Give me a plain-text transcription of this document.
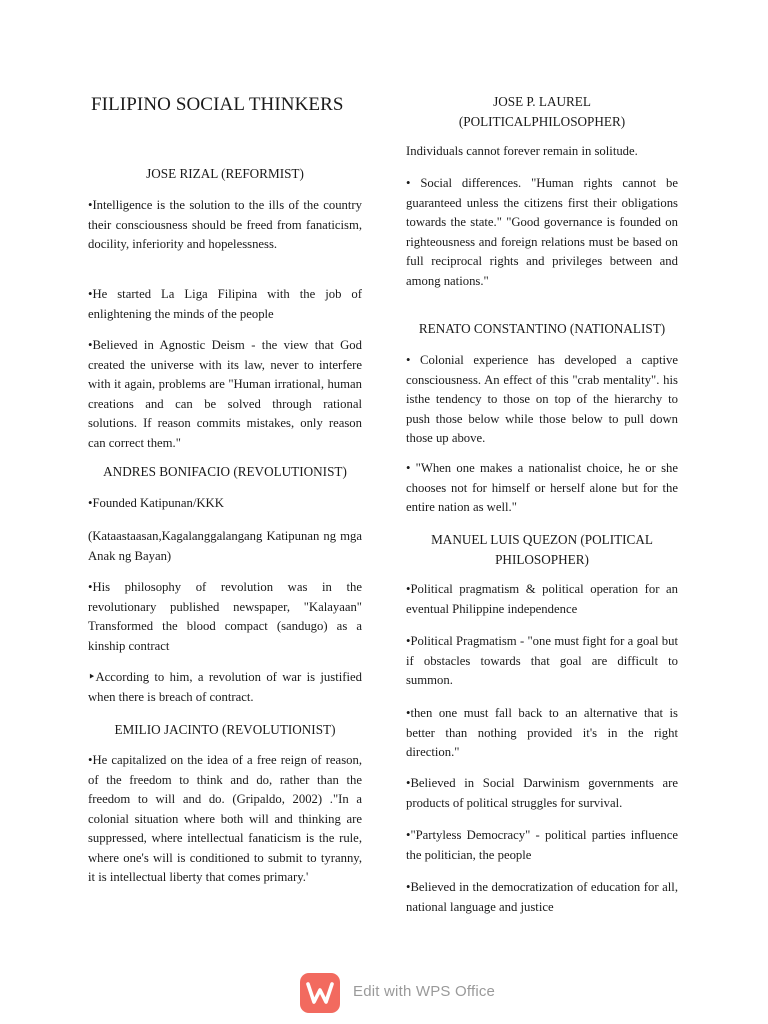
FILIPINO SOCIAL THINKERS
JOSE RIZAL (REFORMIST)

•Intelligence is the solution to the ills of the country their consciousness should be freed from fanaticism, docility, inferiority and hopelessness.

•He started La Liga Filipina with the job of enlightening the minds of the people

•Believed in Agnostic Deism - the view that God created the universe with its law, never to interfere with it again, problems are "Human irrational, human creations and can be solved through rational solutions. If reason commits mistakes, only reason can correct them."

ANDRES BONIFACIO (REVOLUTIONIST)

•Founded Katipunan/KKK

(Kataastaasan,Kagalanggalangang Katipunan ng mga Anak ng Bayan)

•His philosophy of revolution was in the revolutionary published newspaper, "Kalayaan" Transformed the blood compact (sandugo) as a kinship contract

‣According to him, a revolution of war is justified when there is breach of contract.

EMILIO JACINTO (REVOLUTIONIST)

•He capitalized on the idea of a free reign of reason, of the freedom to think and do, rather than the freedom to will and do. (Gripaldo, 2002) ."In a colonial situation where both will and thinking are suppressed, where intellectual fanaticism is the rule, where one's will is conditioned to submit to tyranny, it is intellectual liberty that comes primary.'

JOSE P. LAUREL
(POLITICALPHILOSOPHER)

Individuals cannot forever remain in solitude.

• Social differences. "Human rights cannot be guaranteed unless the citizens first their obligations towards the state." "Good governance is founded on righteousness and foreign relations must be based on full reciprocal rights and privileges between and among nations."

RENATO CONSTANTINO (NATIONALIST)

• Colonial experience has developed a captive consciousness. An effect of this "crab mentality". his isthe tendency to those on top of the hierarchy to push those below while those below to pull down those up above.

• "When one makes a nationalist choice, he or she chooses not for himself or herself alone but for the entire nation as well."

MANUEL LUIS QUEZON (POLITICAL
PHILOSOPHER)

•Political pragmatism & political operation for an eventual Philippine independence

•Political Pragmatism - "one must fight for a goal but if obstacles towards that goal are difficult to summon.

•then one must fall back to an alternative that is better than nothing provided it's in the right direction."

•Believed in Social Darwinism governments are products of political struggles for survival.

•"Partyless Democracy" - political parties influence the politician, the people

•Believed in the democratization of education for all, national language and justice

Edit with WPS Office
